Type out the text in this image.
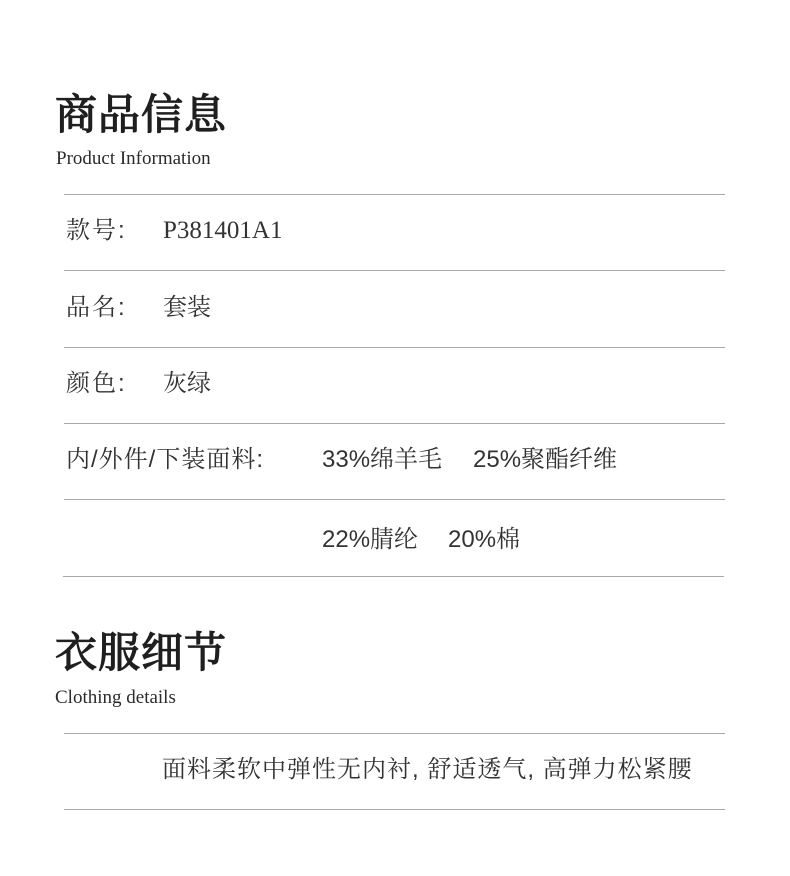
商品信息
Product Information
款号: P381401A1
品名: 套装
颜色: 灰绿
内/外件/下装面料: 33%绵羊毛 25%聚酯纤维
22%腈纶 20%棉
衣服细节
Clothing details
面料柔软中弹性无内衬, 舒适透气, 高弹力松紧腰
